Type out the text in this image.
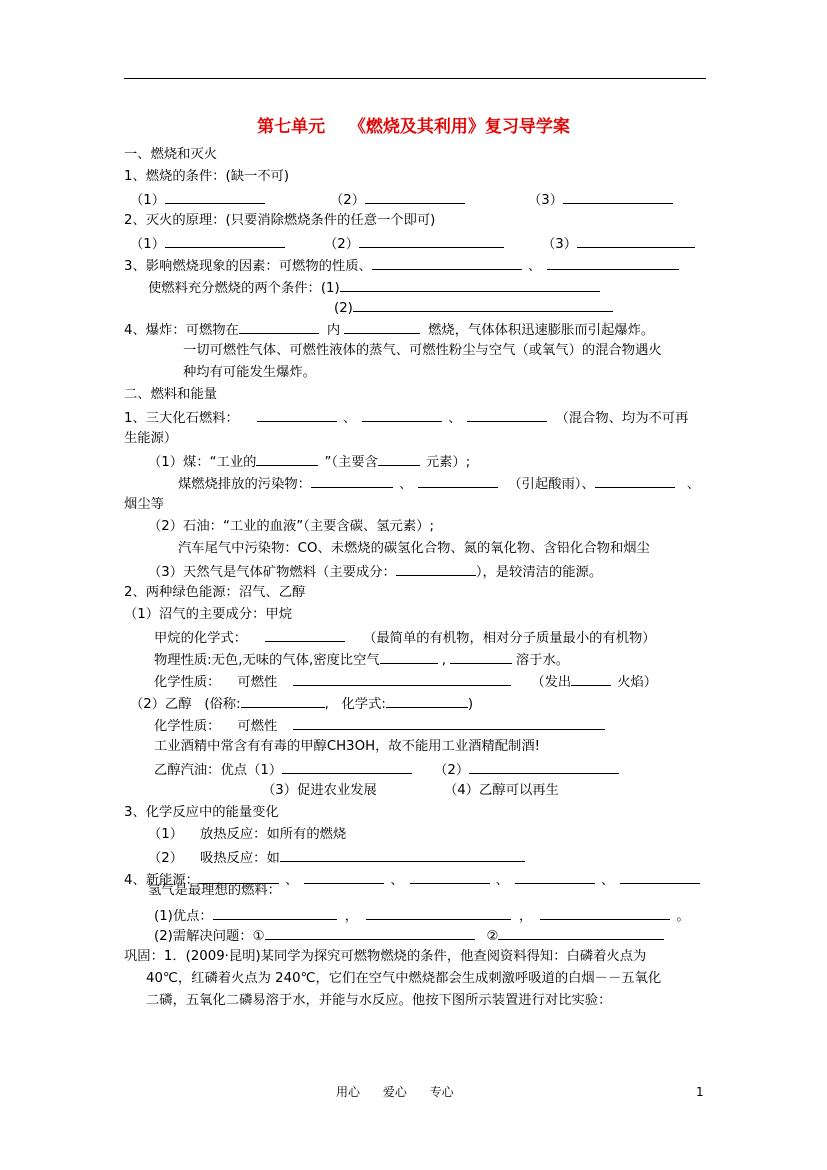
第七单元    《燃烧及其利用》复习导学案
一、燃烧和灭火
1、燃烧的条件：(缺一不可)
（1）	（2）	（3）
2、灭火的原理：(只要消除燃烧条件的任意一个即可)
（1）	（2）	（3）
3、影响燃烧现象的因素：可燃物的性质、	、
使燃料充分燃烧的两个条件：(1)
(2)
4、爆炸：可燃物在	内	燃烧，气体体积迅速膨胀而引起爆炸。
一切可燃性气体、可燃性液体的蒸气、可燃性粉尘与空气（或氧气）的混合物遇火
种均有可能发生爆炸。
二、燃料和能量
1、三大化石燃料：	、	、	（混合物、均为不可再
生能源）
（1）煤：“工业的	”（主要含	元素）;
煤燃烧排放的污染物：	、	（引起酸雨）、	、
烟尘等
（2）石油：“工业的血液”（主要含碳、氢元素）;
汽车尾气中污染物：CO、未燃烧的碳氢化合物、氮的氧化物、含铅化合物和烟尘
（3）天然气是气体矿物燃料（主要成分：	），是较清洁的能源。
2、两种绿色能源：沼气、乙醇
（1）沼气的主要成分：甲烷
甲烷的化学式：	（最简单的有机物，相对分子质量最小的有机物）
物理性质:无色,无味的气体,密度比空气	,	溶于水。
化学性质：    可燃性	（发出	火焰）
（2）乙醇   (俗称:	,   化学式:	)
化学性质：    可燃性
工业酒精中常含有有毒的甲醇CH3OH，故不能用工业酒精配制酒!
乙醇汽油：优点（1）	（2）
（3）促进农业发展	（4）乙醇可以再生
3、化学反应中的能量变化
（1）    放热反应：如所有的燃烧
（2）    吸热反应：如
4、新能源：	、	、	、	、
氢气是最理想的燃料：
(1)优点：	，	，	。
(2)需解决问题：①	②
巩固：1．(2009·昆明)某同学为探究可燃物燃烧的条件，他查阅资料得知：白磷着火点为
40℃，红磷着火点为 240℃，它们在空气中燃烧都会生成刺激呼吸道的白烟－－五氧化
二磷，五氧化二磷易溶于水，并能与水反应。他按下图所示装置进行对比实验：
用心      爱心      专心	1
